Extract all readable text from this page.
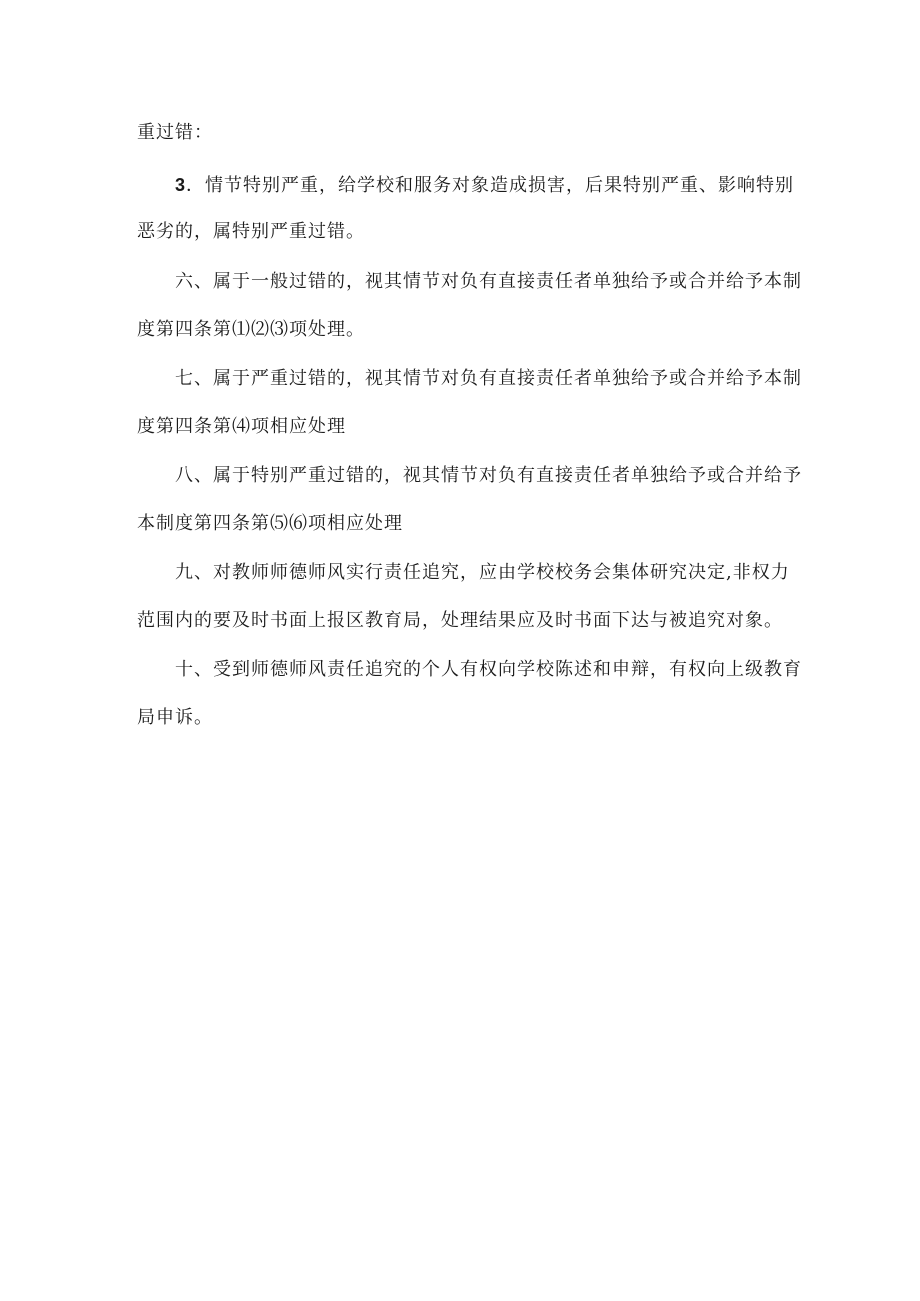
重过错：
3．情节特别严重，给学校和服务对象造成损害，后果特别严重、影响特别
恶劣的，属特别严重过错。
六、属于一般过错的，视其情节对负有直接责任者单独给予或合并给予本制
度第四条第⑴⑵⑶项处理。
七、属于严重过错的，视其情节对负有直接责任者单独给予或合并给予本制
度第四条第⑷项相应处理
八、属于特别严重过错的，视其情节对负有直接责任者单独给予或合并给予
本制度第四条第⑸⑹项相应处理
九、对教师师德师风实行责任追究，应由学校校务会集体研究决定,非权力
范围内的要及时书面上报区教育局，处理结果应及时书面下达与被追究对象。
十、受到师德师风责任追究的个人有权向学校陈述和申辩，有权向上级教育
局申诉。
